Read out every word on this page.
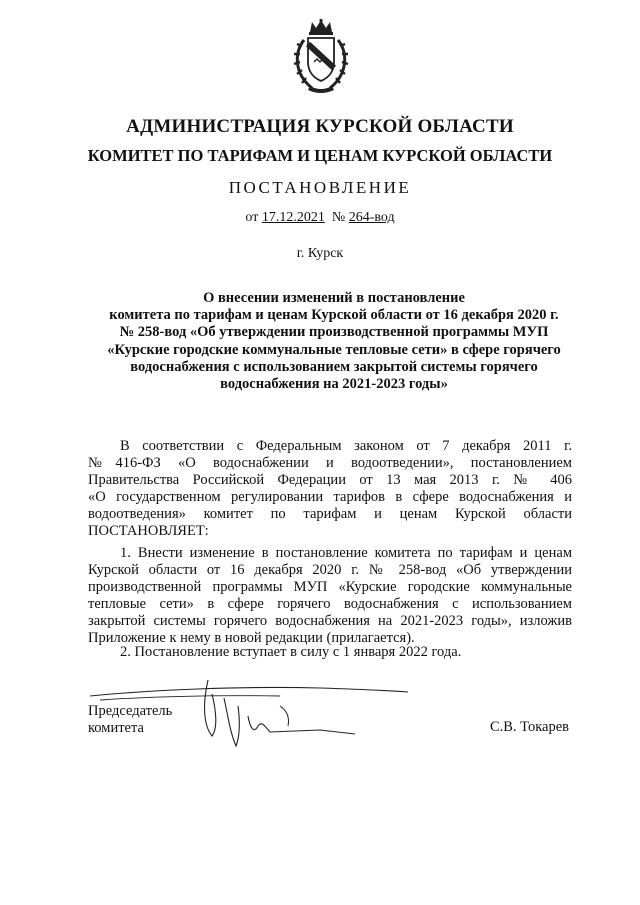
АДМИНИСТРАЦИЯ КУРСКОЙ ОБЛАСТИ
КОМИТЕТ ПО ТАРИФАМ И ЦЕНАМ КУРСКОЙ ОБЛАСТИ
ПОСТАНОВЛЕНИЕ
от 17.12.2021 № 264-вод
г. Курск
О внесении изменений в постановление
комитета по тарифам и ценам Курской области от 16 декабря 2020 г.
№ 258-вод «Об утверждении производственной программы МУП
«Курские городские коммунальные тепловые сети» в сфере горячего
водоснабжения с использованием закрытой системы горячего
водоснабжения на 2021-2023 годы»
В соответствии с Федеральным законом от 7 декабря 2011 г.
№416-ФЗ «О водоснабжении и водоотведении», постановлением
Правительства Российской Федерации от 13 мая 2013 г. № 406
«О государственном регулировании тарифов в сфере водоснабжения и
водоотведения» комитет по тарифам и ценам Курской области
ПОСТАНОВЛЯЕТ:
1. Внести изменение в постановление комитета по тарифам и ценам
Курской области от 16 декабря 2020 г. № 258-вод «Об утверждении
производственной программы МУП «Курские городские коммунальные
тепловые сети» в сфере горячего водоснабжения с использованием
закрытой системы горячего водоснабжения на 2021-2023 годы», изложив
Приложение к нему в новой редакции (прилагается).
2. Постановление вступает в силу с 1 января 2022 года.
Председатель
комитета	С.В. Токарев
